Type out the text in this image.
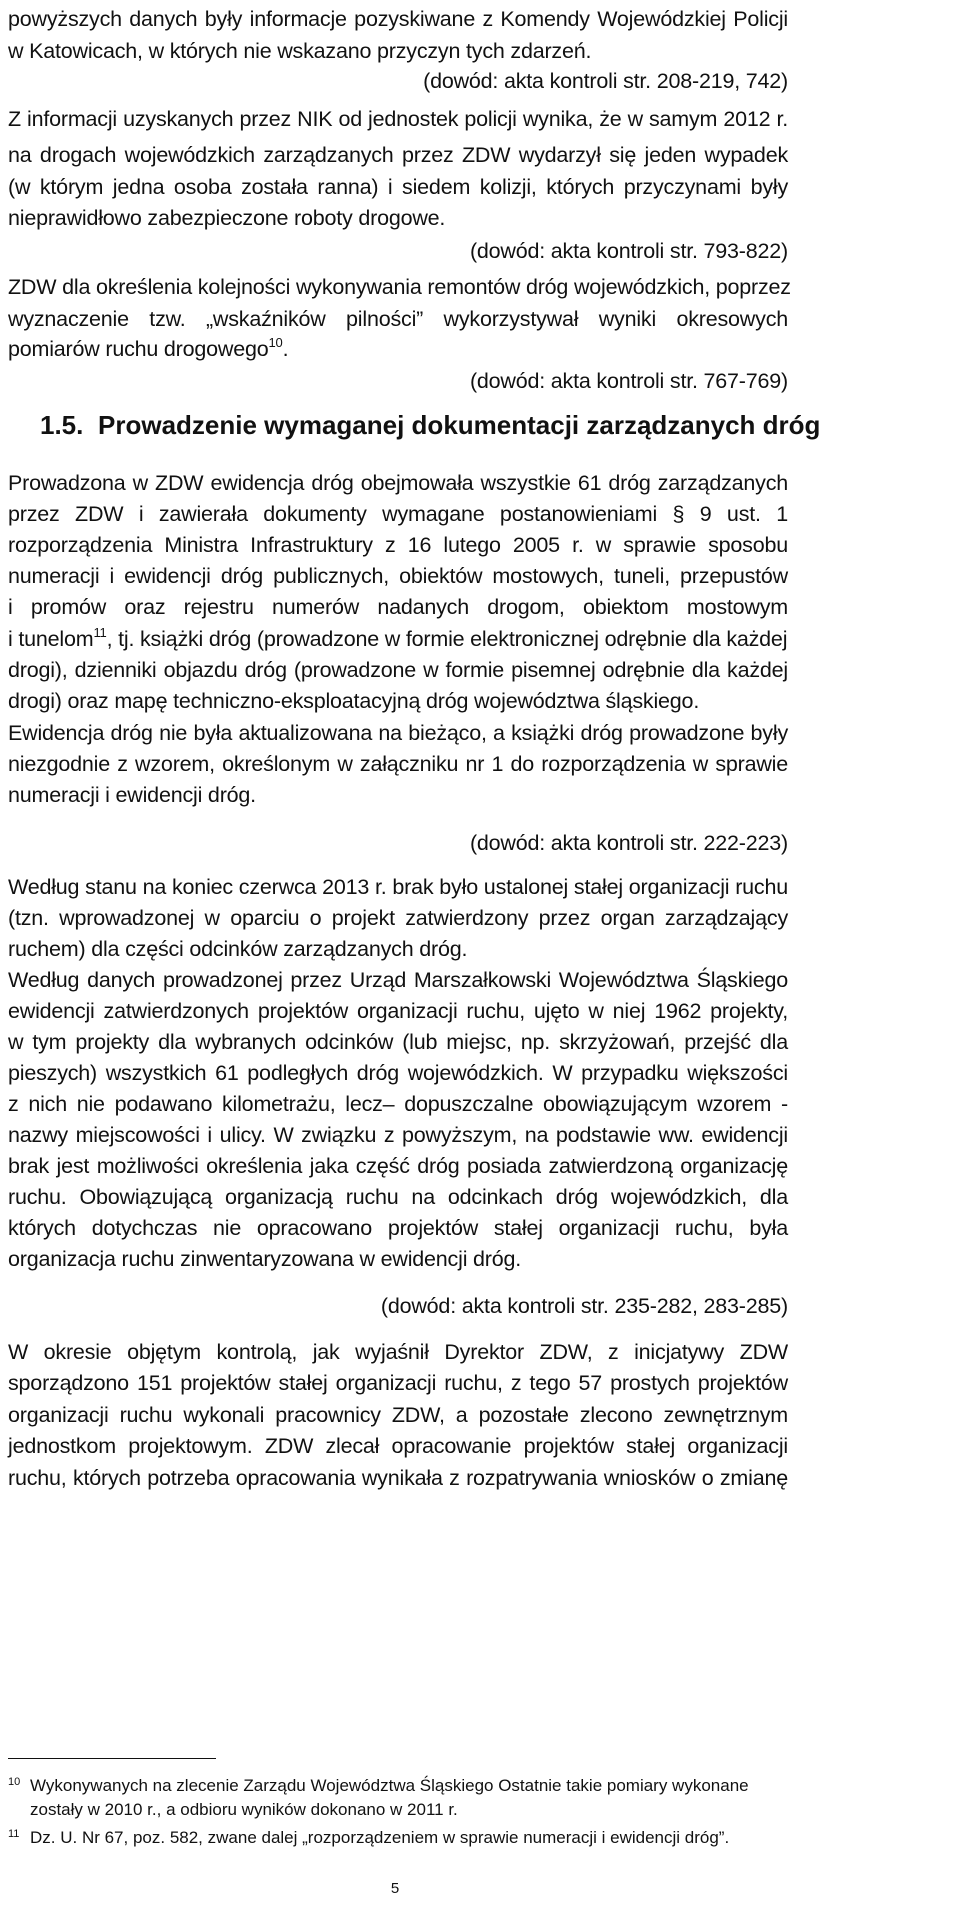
powyższych danych były informacje pozyskiwane z Komendy Wojewódzkiej Policji
w Katowicach, w których nie wskazano przyczyn tych zdarzeń.
(dowód: akta kontroli str. 208-219, 742)
Z informacji uzyskanych przez NIK od jednostek policji wynika, że w samym 2012 r.
na drogach wojewódzkich zarządzanych przez ZDW wydarzył się jeden wypadek
(w którym jedna osoba została ranna) i siedem kolizji, których przyczynami były
nieprawidłowo zabezpieczone roboty drogowe.
(dowód: akta kontroli str. 793-822)
ZDW dla określenia kolejności wykonywania remontów dróg wojewódzkich, poprzez
wyznaczenie tzw. „wskaźników pilności” wykorzystywał wyniki okresowych
pomiarów ruchu drogowego$^{10}$.
(dowód: akta kontroli str. 767-769)
1.5. Prowadzenie wymaganej dokumentacji zarządzanych dróg
Prowadzona w ZDW ewidencja dróg obejmowała wszystkie 61 dróg zarządzanych
przez ZDW i zawierała dokumenty wymagane postanowieniami § 9 ust. 1
rozporządzenia Ministra Infrastruktury z 16 lutego 2005 r. w sprawie sposobu
numeracji i ewidencji dróg publicznych, obiektów mostowych, tuneli, przepustów
i promów oraz rejestru numerów nadanych drogom, obiektom mostowym
i tunelom$^{11}$, tj. książki dróg (prowadzone w formie elektronicznej odrębnie dla każdej
drogi), dzienniki objazdu dróg (prowadzone w formie pisemnej odrębnie dla każdej
drogi) oraz mapę techniczno-eksploatacyjną dróg województwa śląskiego.
Ewidencja dróg nie była aktualizowana na bieżąco, a książki dróg prowadzone były
niezgodnie z wzorem, określonym w załączniku nr 1 do rozporządzenia w sprawie
numeracji i ewidencji dróg.
(dowód: akta kontroli str. 222-223)
Według stanu na koniec czerwca 2013 r. brak było ustalonej stałej organizacji ruchu
(tzn. wprowadzonej w oparciu o projekt zatwierdzony przez organ zarządzający
ruchem) dla części odcinków zarządzanych dróg.
Według danych prowadzonej przez Urząd Marszałkowski Województwa Śląskiego
ewidencji zatwierdzonych projektów organizacji ruchu, ujęto w niej 1962 projekty,
w tym projekty dla wybranych odcinków (lub miejsc, np. skrzyżowań, przejść dla
pieszych) wszystkich 61 podległych dróg wojewódzkich. W przypadku większości
z nich nie podawano kilometrażu, lecz– dopuszczalne obowiązującym wzorem -
nazwy miejscowości i ulicy. W związku z powyższym, na podstawie ww. ewidencji
brak jest możliwości określenia jaka część dróg posiada zatwierdzoną organizację
ruchu. Obowiązującą organizacją ruchu na odcinkach dróg wojewódzkich, dla
których dotychczas nie opracowano projektów stałej organizacji ruchu, była
organizacja ruchu zinwentaryzowana w ewidencji dróg.
(dowód: akta kontroli str. 235-282, 283-285)
W okresie objętym kontrolą, jak wyjaśnił Dyrektor ZDW, z inicjatywy ZDW
sporządzono 151 projektów stałej organizacji ruchu, z tego 57 prostych projektów
organizacji ruchu wykonali pracownicy ZDW, a pozostałe zlecono zewnętrznym
jednostkom projektowym. ZDW zlecał opracowanie projektów stałej organizacji
ruchu, których potrzeba opracowania wynikała z rozpatrywania wniosków o zmianę
10 Wykonywanych na zlecenie Zarządu Województwa Śląskiego Ostatnie takie pomiary wykonane
zostały w 2010 r., a odbioru wyników dokonano w 2011 r.
11 Dz. U. Nr 67, poz. 582, zwane dalej „rozporządzeniem w sprawie numeracji i ewidencji dróg”.
5
